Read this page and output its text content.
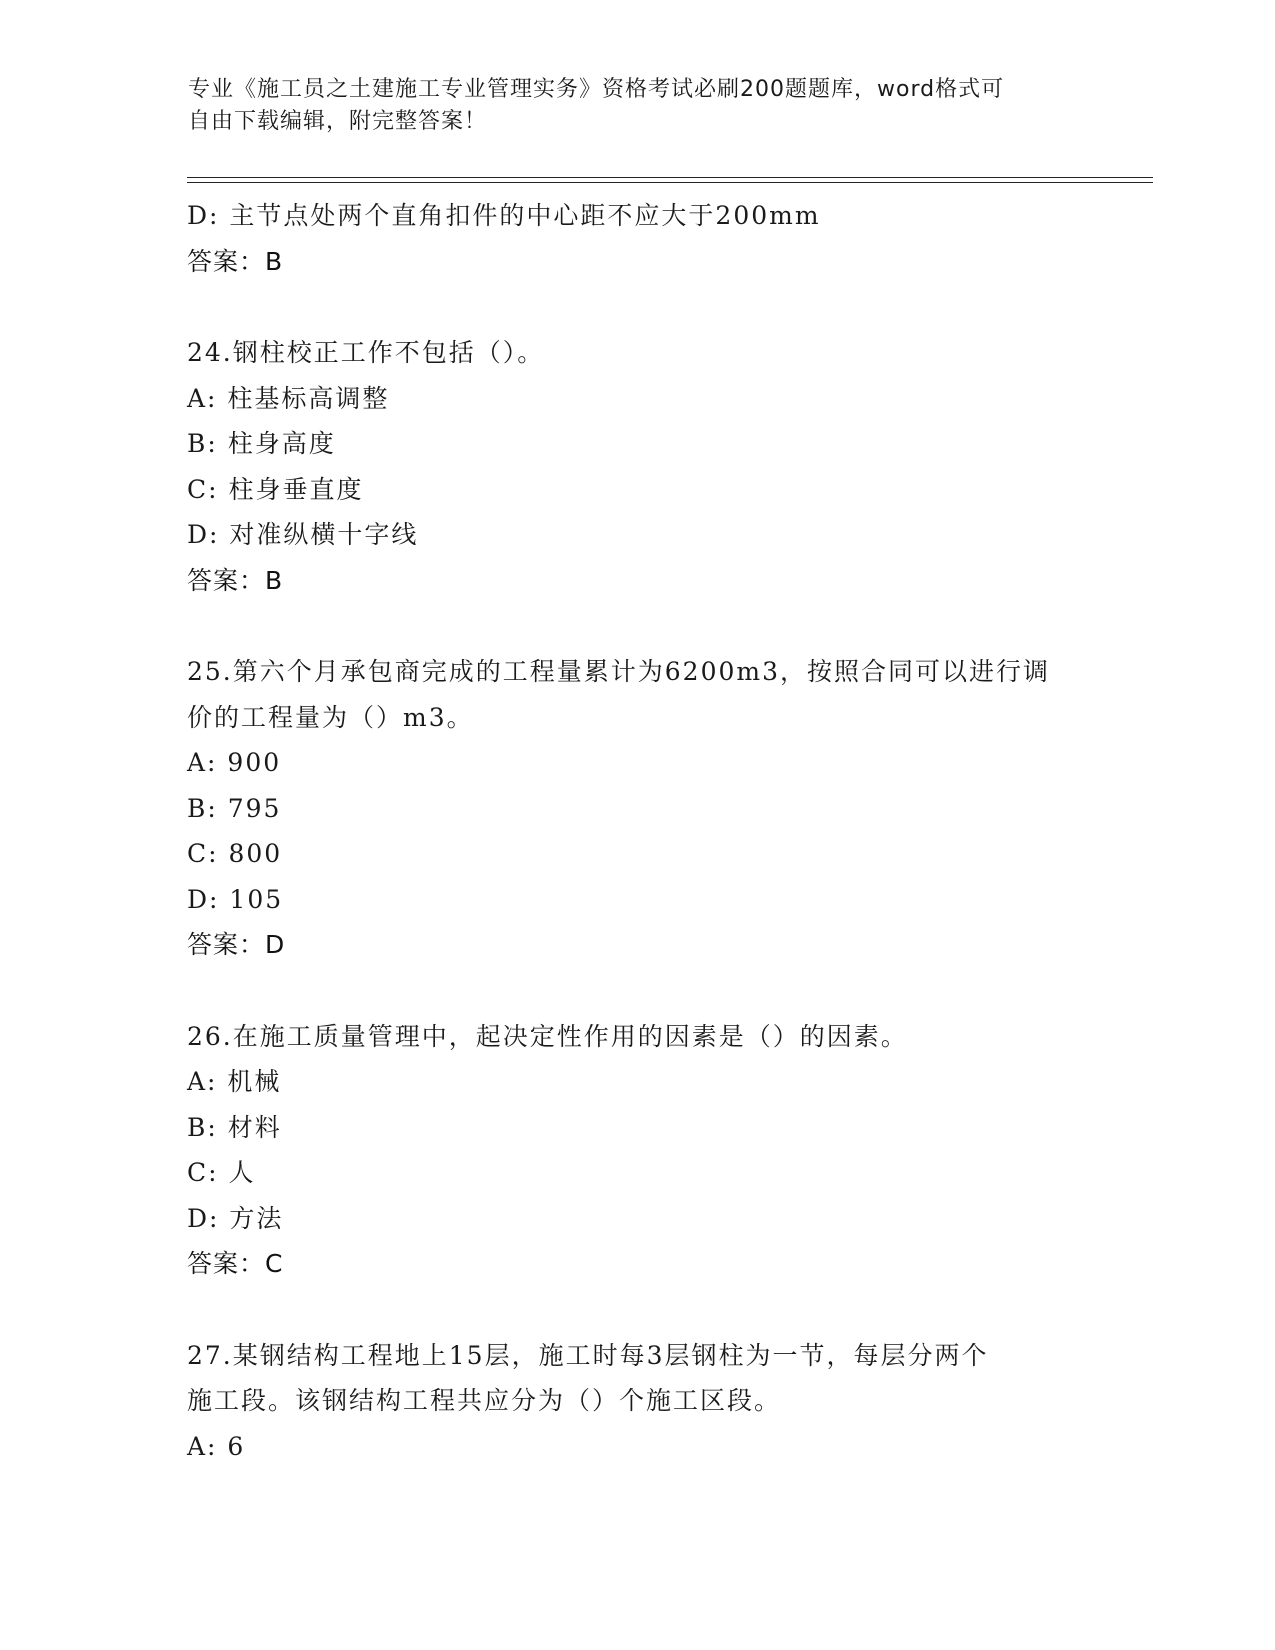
专业《施工员之土建施工专业管理实务》资格考试必刷200题题库，word格式可
自由下载编辑，附完整答案！
D: 主节点处两个直角扣件的中心距不应大于200mm
答案：B
24.钢柱校正工作不包括（）。
A: 柱基标高调整
B: 柱身高度
C: 柱身垂直度
D: 对准纵横十字线
答案：B
25.第六个月承包商完成的工程量累计为6200m3，按照合同可以进行调
价的工程量为（）m3。
A: 900
B: 795
C: 800
D: 105
答案：D
26.在施工质量管理中，起决定性作用的因素是（）的因素。
A: 机械
B: 材料
C: 人
D: 方法
答案：C
27.某钢结构工程地上15层，施工时每3层钢柱为一节，每层分两个
施工段。该钢结构工程共应分为（）个施工区段。
A: 6
